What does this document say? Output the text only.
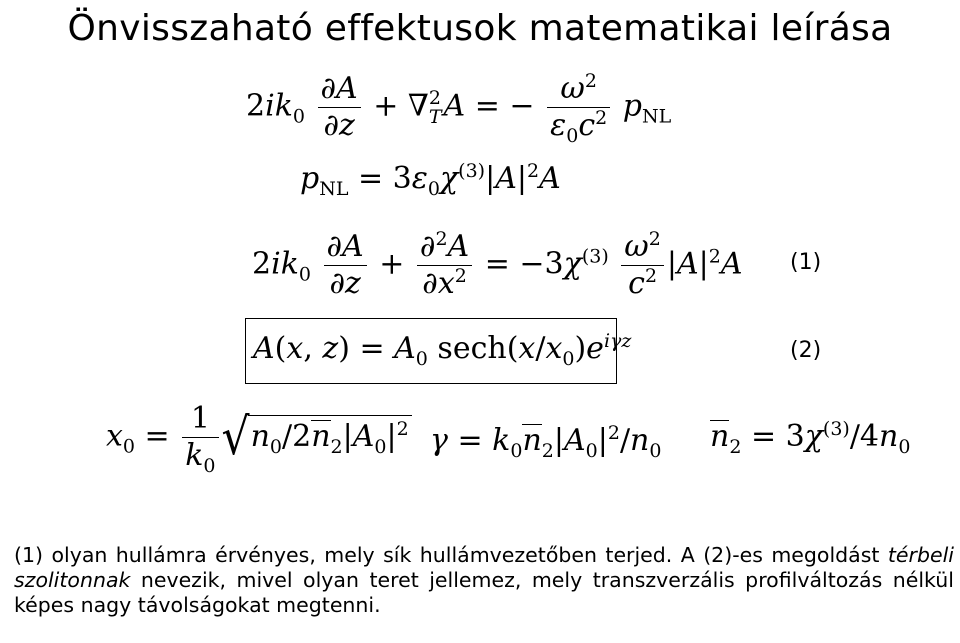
Önvisszaható effektusok matematikai leírása
$2ik_0 \frac{\partial A}{\partial z}$ + ∇ 2
T A = − $\frac{\omega^2}{\varepsilon_0c^2} p_{NL}$
$p_{NL} = 3\varepsilon_0\chi^{(3)}|A|^2A$
$2ik_0 \frac{\partial A}{\partial z} + \frac{\partial^2A}{\partial x^2} = -3\chi^{(3)} \frac{\omega^2}{c^2} |A|^2A$ (1)
A(x, $z) = A_0$ $\sec h(x/x_0)e^{i\gamma z}$	(2)
$x_0 = \frac{1}{k_0} √n_0/2n_2|A_0|^2$ $\gamma = k_0n_2|A_0|^2/n_0$ $n_2 = 3\chi^{(3)}/4n_0$
(1) olyan hullámra érvényes, mely sík hullámvezetőben terjed. A (2)-es megoldást térbeli szolitonnak nevezik, mivel olyan teret jellemez, mely transzverzális profilváltozás nélkül képes nagy távolságokat megtenni.
